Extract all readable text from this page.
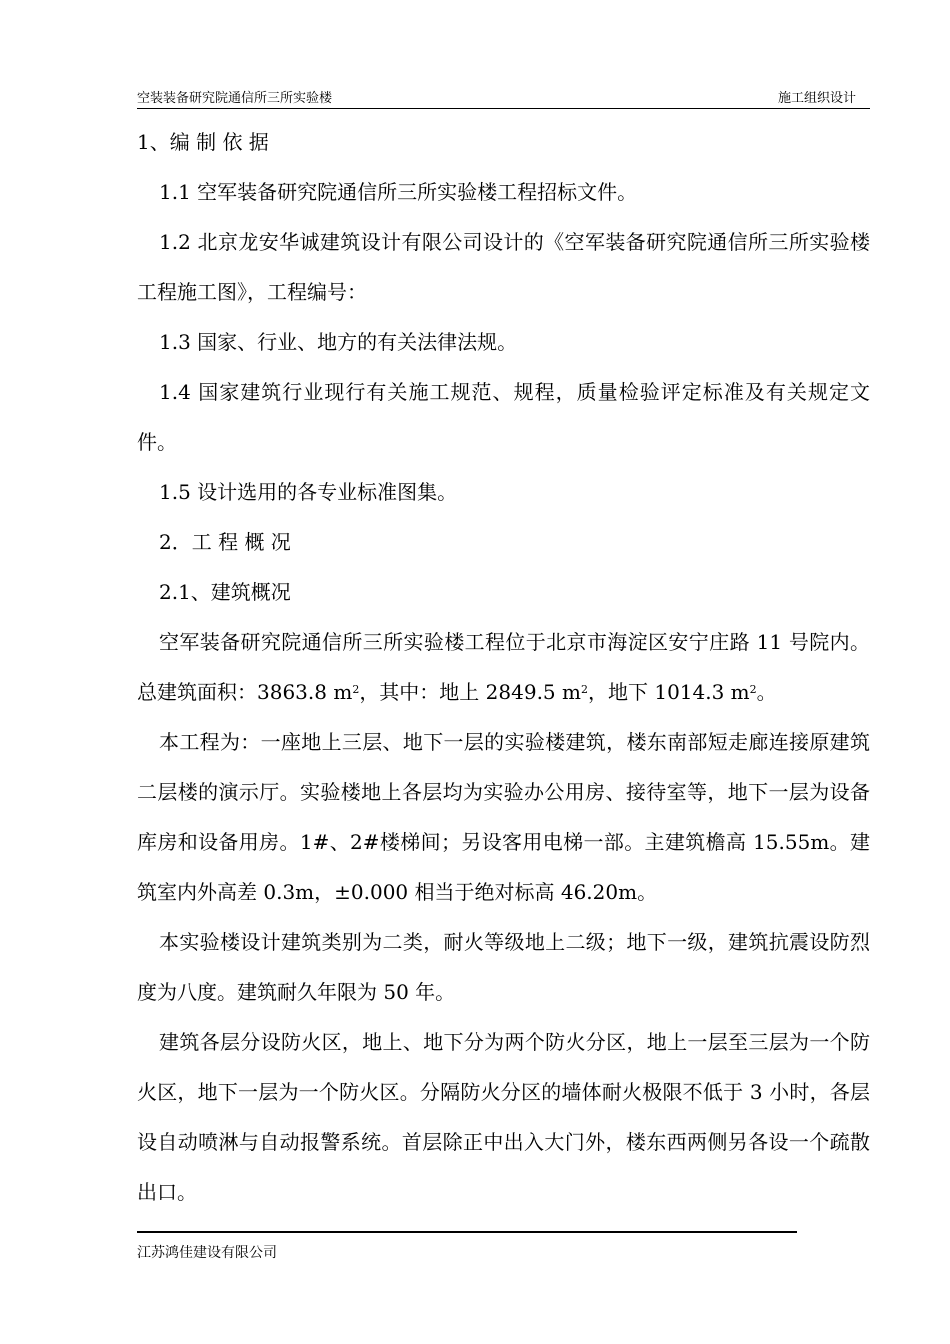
空装装备研究院通信所三所实验楼	施工组织设计

1、编 制 依 据

1.1 空军装备研究院通信所三所实验楼工程招标文件。

1.2 北京龙安华诚建筑设计有限公司设计的《空军装备研究院通信所三所实验楼工程施工图》，工程编号：

1.3 国家、行业、地方的有关法律法规。

1.4 国家建筑行业现行有关施工规范、规程，质量检验评定标准及有关规定文件。

1.5 设计选用的各专业标准图集。

2．工 程 概 况

2.1、建筑概况

空军装备研究院通信所三所实验楼工程位于北京市海淀区安宁庄路 11 号院内。总建筑面积：3863.8 $m^2$，其中：地上 2849.5 $m^2$，地下 1014.3 $m^2$。

本工程为：一座地上三层、地下一层的实验楼建筑，楼东南部短走廊连接原建筑二层楼的演示厅。实验楼地上各层均为实验办公用房、接待室等，地下一层为设备库房和设备用房。1#、2#楼梯间；另设客用电梯一部。主建筑檐高 15.55m。建筑室内外高差 0.3m，±0.000 相当于绝对标高 46.20m。

本实验楼设计建筑类别为二类，耐火等级地上二级；地下一级，建筑抗震设防烈度为八度。建筑耐久年限为 50 年。

建筑各层分设防火区，地上、地下分为两个防火分区，地上一层至三层为一个防火区，地下一层为一个防火区。分隔防火分区的墙体耐火极限不低于 3 小时，各层设自动喷淋与自动报警系统。首层除正中出入大门外，楼东西两侧另各设一个疏散出口。

江苏鸿佳建设有限公司
